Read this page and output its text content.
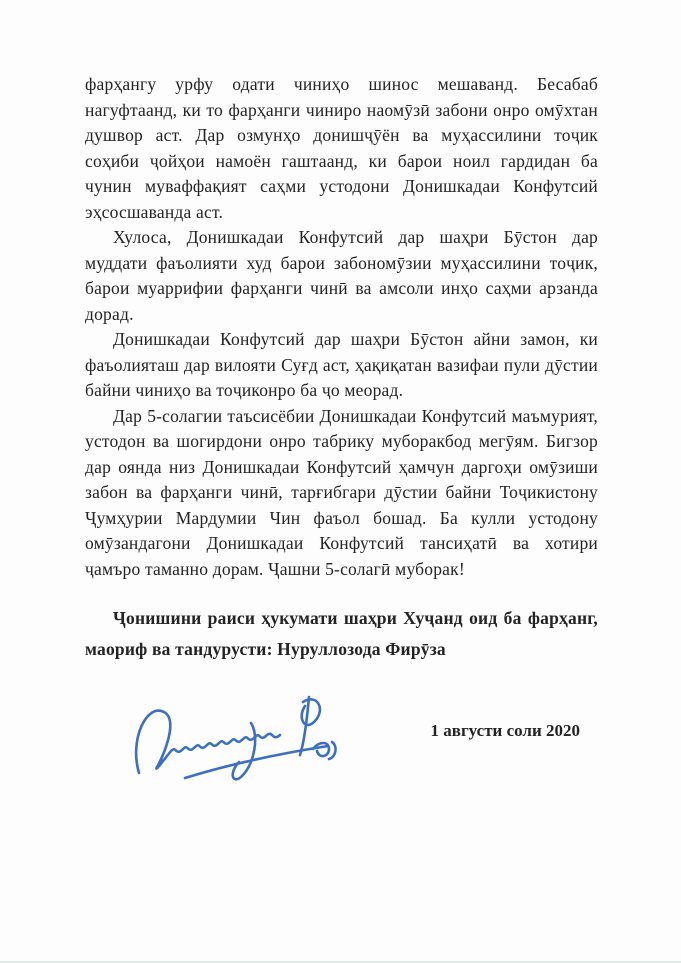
фарҳангу урфу одати чиниҳо шинос мешаванд. Бесабаб нагуфтаанд, ки то фарҳанги чиниро наомӯзӣ забони онро омӯхтан душвор аст. Дар озмунҳо донишҷӯён ва муҳассилини тоҷик соҳиби ҷойҳои намоён гаштаанд, ки барои ноил гардидан ба чунин муваффақият саҳми устодони Донишкадаи Конфутсий эҳсосшаванда аст.

Хулоса, Донишкадаи Конфутсий дар шаҳри Бӯстон дар муддати фаъолияти худ барои забономӯзии муҳассилини тоҷик, барои муаррифии фарҳанги чинӣ ва амсоли инҳо саҳми арзанда дорад.

Донишкадаи Конфутсий дар шаҳри Бӯстон айни замон, ки фаъолияташ дар вилояти Суғд аст, ҳақиқатан вазифаи пули дӯстии байни чиниҳо ва тоҷиконро ба ҷо меорад.

Дар 5-солагии таъсисёбии Донишкадаи Конфутсий маъмурият, устодон ва шогирдони онро табрику муборакбод мегӯям. Бигзор дар оянда низ Донишкадаи Конфутсий ҳамчун даргоҳи омӯзиши забон ва фарҳанги чинӣ, тарғибгари дӯстии байни Тоҷикистону Ҷумҳурии Мардумии Чин фаъол бошад. Ба кулли устодону омӯзандагони Донишкадаи Конфутсий тансиҳатӣ ва хотири ҷамъро таманно дорам. Ҷашни 5-солагӣ муборак!

Ҷонишини раиси ҳукумати шаҳри Хуҷанд оид ба фарҳанг, маориф ва тандурусти: Нуруллозода Фирӯза

1 августи соли 2020
